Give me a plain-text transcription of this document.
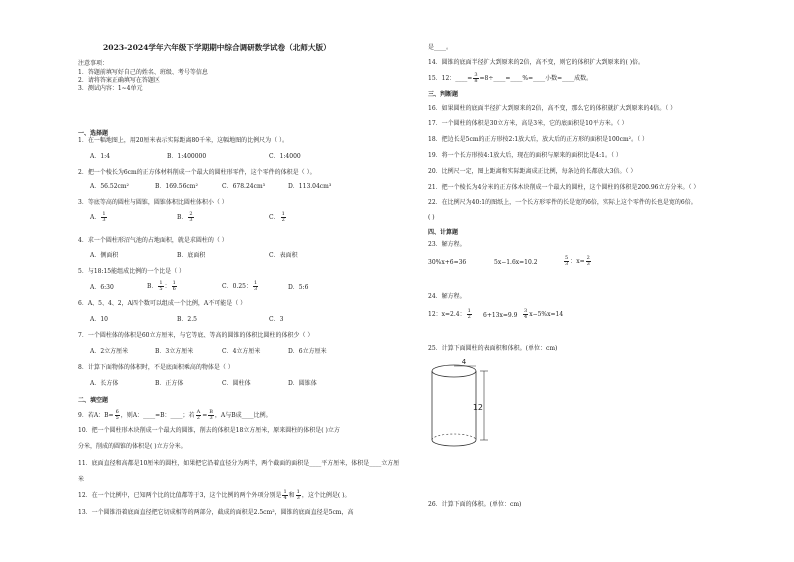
2023-2024学年六年级下学期期中综合调研数学试卷（北师大版）
注意事项：
1．答题前填写好自己的姓名、班级、考号等信息
2．请将答案正确填写在答题区
3．测试内容：1~4单元
一、选择题
1．在一幅地图上，用20厘米表示实际距离80千米，这幅地图的比例尺为（ ）。
A．1:4	B．1:400000	C．1:4000
2．把一个棱长为6cm的正方体材料削成一个最大的圆柱形零件，这个零件的体积是（ ）。
A．56.52cm²	B．169.56cm²	C．678.24cm³	D．113.04cm³
3．等底等高的圆柱与圆锥，圆锥体积比圆柱体积小（ ）
A． $\frac{1}{3}$	B． $\frac{2}{3}$	C． $\frac{1}{2}$
4．求一个圆柱形沼气池的占地面积，就是求圆柱的（ ）
A．侧面积	B．底面积	C．表面积
5．与18:15能组成比例的一个比是（ ）
A．6:30	B． $\frac{1}{5}$ ： $\frac{1}{6}$	C．0.25： $\frac{1}{3}$	D．5:6
6．A、5、4、2，A四个数可以组成一个比例，A不可能是（ ）
A．10	B．2.5	C．3
7．一个圆柱体的体积是60立方厘米，与它等底、等高的圆锥的体积比圆柱的体积少（ ）
A．2立方厘米	B．3立方厘米	C．4立方厘米	D．6立方厘米
8．计算下面物体的体积时，不是底面积乘高的物体是（ ）
A．长方体	B．正方体	C．圆柱体	D．圆锥体
二、填空题
9．若A：$B= \frac{6}{5}$ ，则A：____=B：____；若 $\frac{A}{2} = \frac{B}{3}$ ，A与B成____比例。
10．把一个圆柱形木块削成一个最大的圆锥，削去的体积是18立方厘米，原来圆柱的体积是( )立方
分米，削成的圆锥的体积是( )立方分米。
11．底面直径和高都是10厘米的圆柱，如果把它沿着直径分为两半，两个截面的面积是____平方厘米，体积是____立方厘
米
12．在一个比例中，已知两个比的比值都等于3，这个比例的两个外项分别是 $\frac{1}{4}$ 和 $\frac{1}{3}$ ，这个比例是( )。
13．一个圆锥沿着底面直径把它切成相等的两部分，截成的面积是2.5cm²，圆锥的底面直径是5cm，高
是____。
14．圆锥的底面半径扩大到原来的2倍，高不变，则它的体积扩大到原来的( )倍。
15．12：____= $\frac{3}{8}$ =8÷____=____%=____小数=____成数。
三、判断题
16．如果圆柱的底面半径扩大到原来的2倍，高不变，那么它的体积就扩大到原来的4倍。（ ）
17．一个圆柱的体积是30立方米，高是3米，它的底面积是10平方米。（ ）
18．把边长是5cm的正方形按2:1放大后，放大后的正方形的面积是100cm²。（ ）
19．将一个长方形按4:1放大后，现在的面积与原来的面积比是4:1。（ ）
20．比例尺一定，图上距离和实际距离成正比例，每条边的长都放大3倍。（ ）
21．把一个棱长为4分米的正方体木块削成一个最大的圆柱，这个圆柱的体积是200.96立方分米。（ ）
22．在比例尺为40:1的图纸上，一个长方形零件的长是宽的6倍，实际上这个零件的长也是宽的6倍。
( )
四、计算题
23．解方程。
30%x+6=36	5x−1.6x=10.2	$\frac{5}{3}$ ：$x= \frac{2}{3}$
24．解方程。
12：x=2.4： $\frac{1}{2} 6+13x=9.9 \frac{3}{4} x-5\%x=14$
25．计算下面圆柱的表面积和体积。(单位：cm)
4
12
26．计算下面的体积。(单位：cm)
